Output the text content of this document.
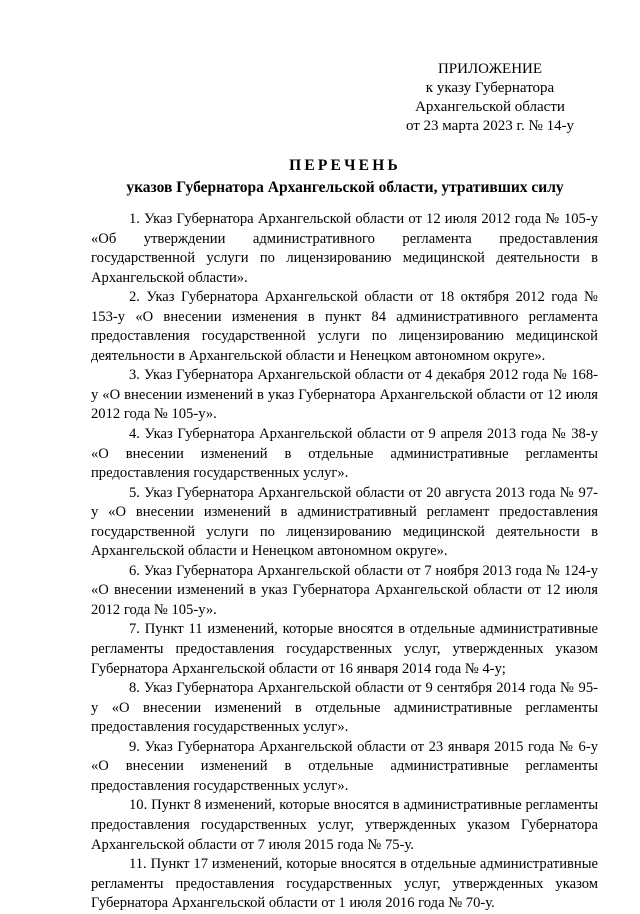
ПРИЛОЖЕНИЕ
к указу Губернатора
Архангельской области
от 23 марта 2023 г. № 14-у
ПЕРЕЧЕНЬ
указов Губернатора Архангельской области, утративших силу

1. Указ Губернатора Архангельской области от 12 июля 2012 года № 105-у «Об утверждении административного регламента предоставления государственной услуги по лицензированию медицинской деятельности в Архангельской области».

2. Указ Губернатора Архангельской области от 18 октября 2012 года № 153-у «О внесении изменения в пункт 84 административного регламента предоставления государственной услуги по лицензированию медицинской деятельности в Архангельской области и Ненецком автономном округе».

3. Указ Губернатора Архангельской области от 4 декабря 2012 года № 168-у «О внесении изменений в указ Губернатора Архангельской области от 12 июля 2012 года № 105-у».

4. Указ Губернатора Архангельской области от 9 апреля 2013 года № 38-у «О внесении изменений в отдельные административные регламенты предоставления государственных услуг».

5. Указ Губернатора Архангельской области от 20 августа 2013 года № 97-у «О внесении изменений в административный регламент предоставления государственной услуги по лицензированию медицинской деятельности в Архангельской области и Ненецком автономном округе».

6. Указ Губернатора Архангельской области от 7 ноября 2013 года № 124-у «О внесении изменений в указ Губернатора Архангельской области от 12 июля 2012 года № 105-у».

7. Пункт 11 изменений, которые вносятся в отдельные административные регламенты предоставления государственных услуг, утвержденных указом Губернатора Архангельской области от 16 января 2014 года № 4-у;

8. Указ Губернатора Архангельской области от 9 сентября 2014 года № 95-у «О внесении изменений в отдельные административные регламенты предоставления государственных услуг».

9. Указ Губернатора Архангельской области от 23 января 2015 года № 6-у «О внесении изменений в отдельные административные регламенты предоставления государственных услуг».

10. Пункт 8 изменений, которые вносятся в административные регламенты предоставления государственных услуг, утвержденных указом Губернатора Архангельской области от 7 июля 2015 года № 75-у.

11. Пункт 17 изменений, которые вносятся в отдельные административные регламенты предоставления государственных услуг, утвержденных указом Губернатора Архангельской области от 1 июля 2016 года № 70-у.
